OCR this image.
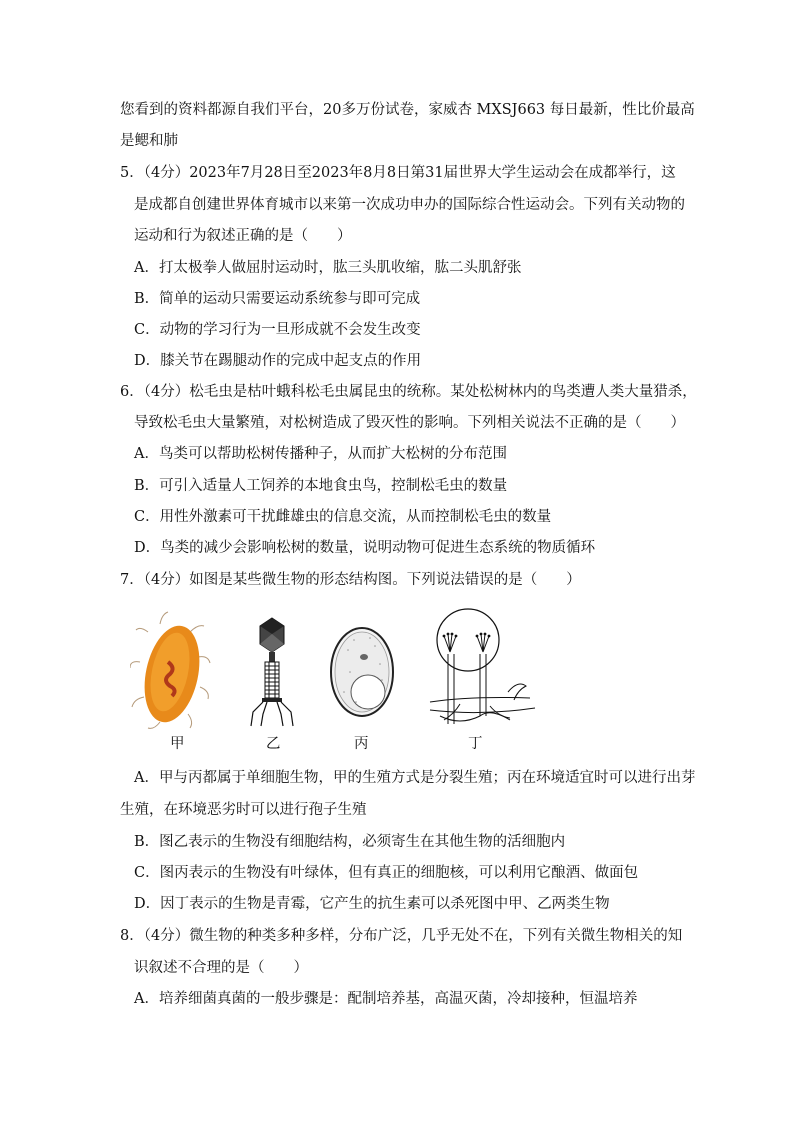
您看到的资料都源自我们平台，20多万份试卷，家威杏 MXSJ663 每日最新，性比价最高
是鳃和肺
5．（4分）2023年7月28日至2023年8月8日第31届世界大学生运动会在成都举行，这
是成都自创建世界体育城市以来第一次成功申办的国际综合性运动会。下列有关动物的
运动和行为叙述正确的是（　　）
A．打太极拳人做屈肘运动时，肱三头肌收缩，肱二头肌舒张
B．简单的运动只需要运动系统参与即可完成
C．动物的学习行为一旦形成就不会发生改变
D．膝关节在踢腿动作的完成中起支点的作用
6．（4分）松毛虫是枯叶蛾科松毛虫属昆虫的统称。某处松树林内的鸟类遭人类大量猎杀，
导致松毛虫大量繁殖，对松树造成了毁灭性的影响。下列相关说法不正确的是（　　）
A．鸟类可以帮助松树传播种子，从而扩大松树的分布范围
B．可引入适量人工饲养的本地食虫鸟，控制松毛虫的数量
C．用性外激素可干扰雌雄虫的信息交流，从而控制松毛虫的数量
D．鸟类的减少会影响松树的数量，说明动物可促进生态系统的物质循环
7．（4分）如图是某些微生物的形态结构图。下列说法错误的是（　　）
甲	乙	丙	丁
A．甲与丙都属于单细胞生物，甲的生殖方式是分裂生殖；丙在环境适宜时可以进行出芽
生殖，在环境恶劣时可以进行孢子生殖
B．图乙表示的生物没有细胞结构，必须寄生在其他生物的活细胞内
C．图丙表示的生物没有叶绿体，但有真正的细胞核，可以利用它酿酒、做面包
D．因丁表示的生物是青霉，它产生的抗生素可以杀死图中甲、乙两类生物
8．（4分）微生物的种类多种多样，分布广泛，几乎无处不在，下列有关微生物相关的知
识叙述不合理的是（　　）
A．培养细菌真菌的一般步骤是：配制培养基，高温灭菌，冷却接种，恒温培养
